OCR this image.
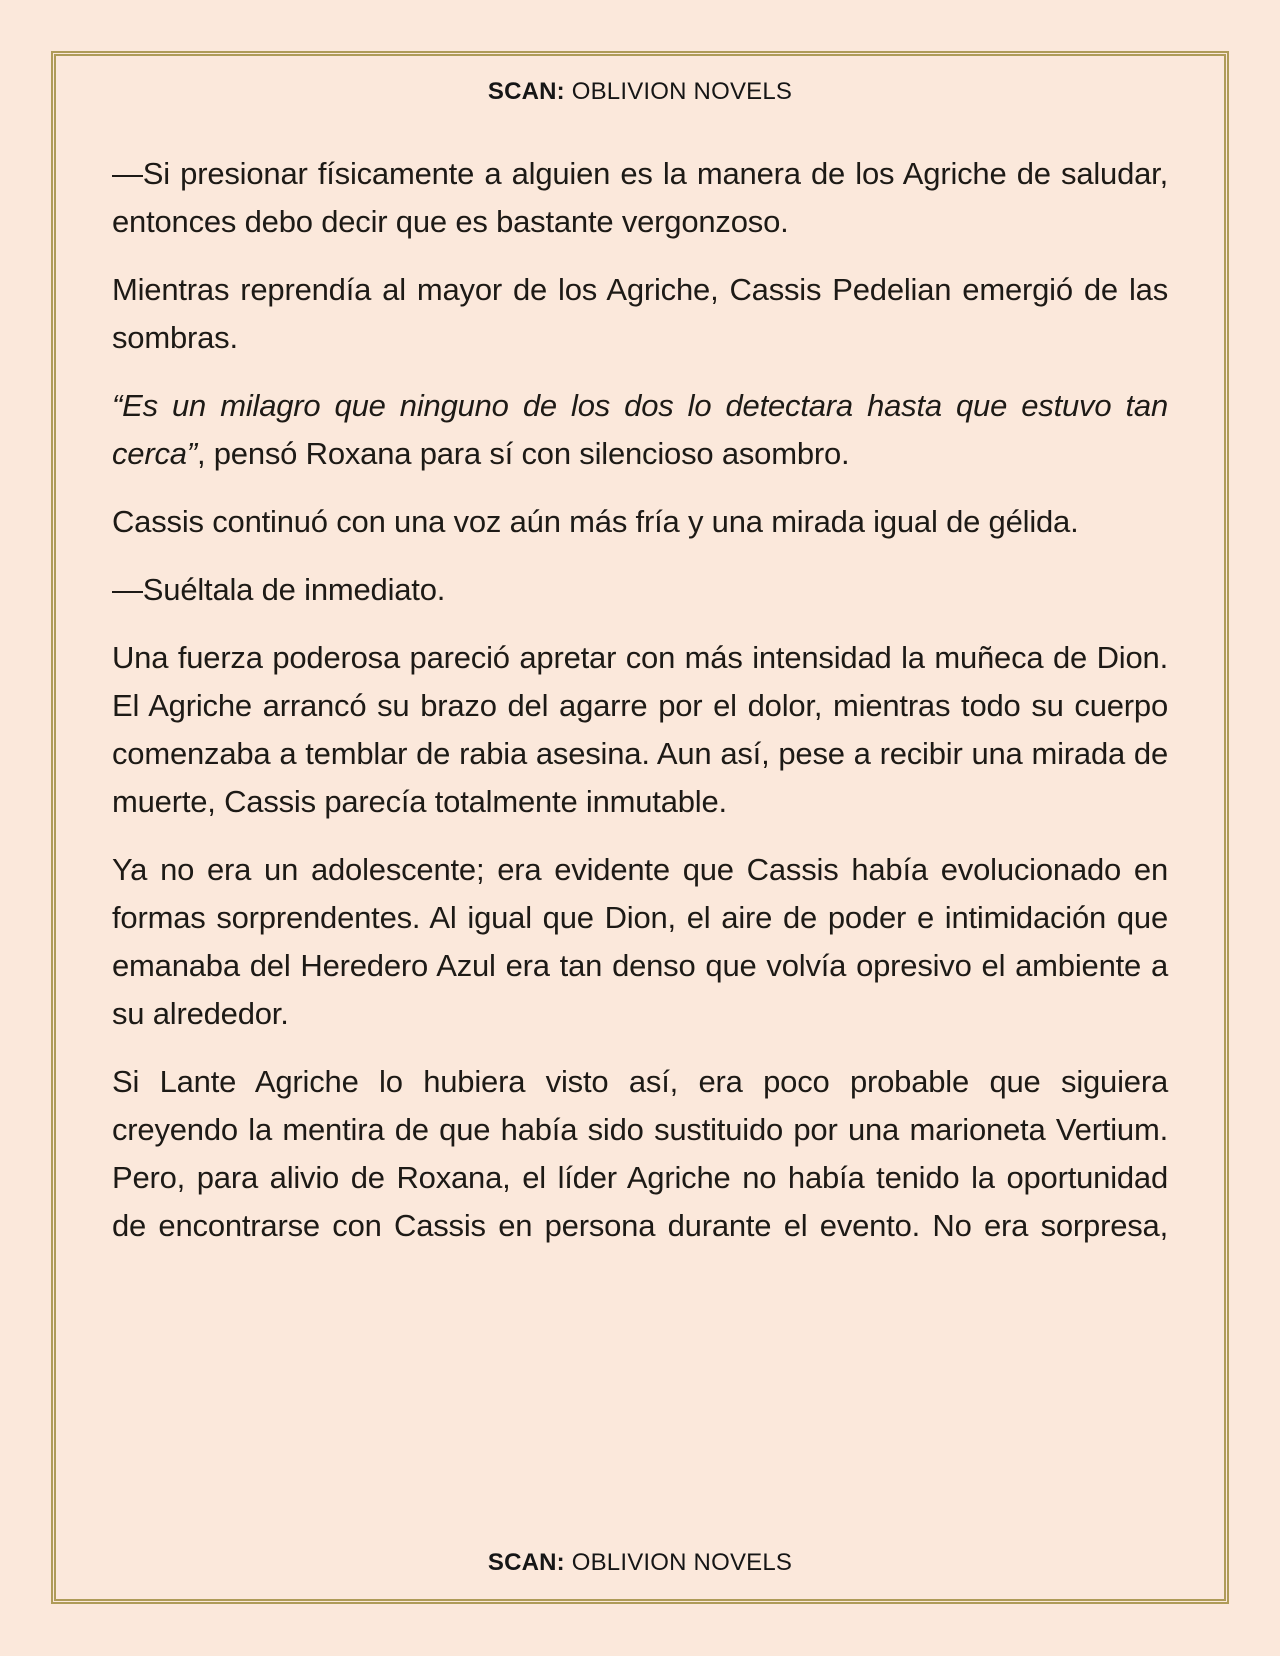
SCAN: OBLIVION NOVELS

—Si presionar físicamente a alguien es la manera de los Agriche de saludar, entonces debo decir que es bastante vergonzoso.

Mientras reprendía al mayor de los Agriche, Cassis Pedelian emergió de las sombras.

“Es un milagro que ninguno de los dos lo detectara hasta que estuvo tan cerca”, pensó Roxana para sí con silencioso asombro.

Cassis continuó con una voz aún más fría y una mirada igual de gélida.

—Suéltala de inmediato.

Una fuerza poderosa pareció apretar con más intensidad la muñeca de Dion. El Agriche arrancó su brazo del agarre por el dolor, mientras todo su cuerpo comenzaba a temblar de rabia asesina. Aun así, pese a recibir una mirada de muerte, Cassis parecía totalmente inmutable.

Ya no era un adolescente; era evidente que Cassis había evolucionado en formas sorprendentes. Al igual que Dion, el aire de poder e intimidación que emanaba del Heredero Azul era tan denso que volvía opresivo el ambiente a su alrededor.

Si Lante Agriche lo hubiera visto así, era poco probable que siguiera creyendo la mentira de que había sido sustituido por una marioneta Vertium. Pero, para alivio de Roxana, el líder Agriche no había tenido la oportunidad de encontrarse con Cassis en persona durante el evento. No era sorpresa,

SCAN: OBLIVION NOVELS
